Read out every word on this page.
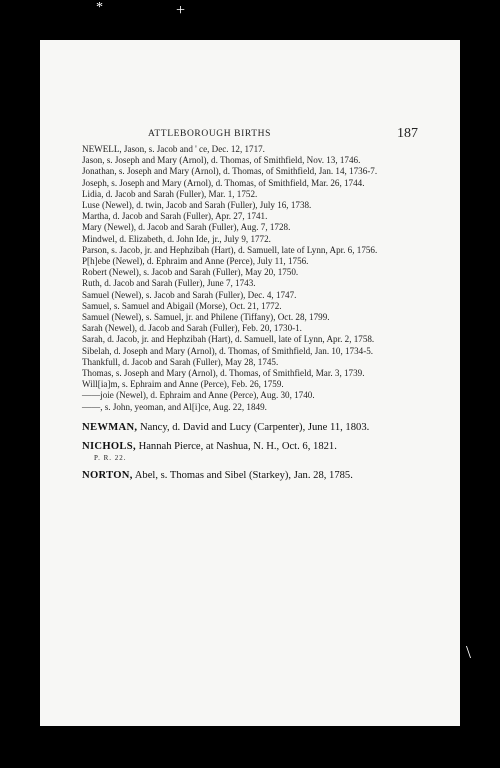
*	+
\
ATTLEBOROUGH BIRTHS	187

NEWELL, Jason, s. Jacob and ' ce, Dec. 12, 1717.

Jason, s. Joseph and Mary (Arnol), d. Thomas, of Smithfield, Nov. 13, 1746.

Jonathan, s. Joseph and Mary (Arnol), d. Thomas, of Smithfield, Jan. 14, 1736-7.

Joseph, s. Joseph and Mary (Arnol), d. Thomas, of Smithfield, Mar. 26, 1744.

Lidia, d. Jacob and Sarah (Fuller), Mar. 1, 1752.

Luse (Newel), d. twin, Jacob and Sarah (Fuller), July 16, 1738.

Martha, d. Jacob and Sarah (Fuller), Apr. 27, 1741.

Mary (Newel), d. Jacob and Sarah (Fuller), Aug. 7, 1728.

Mindwel, d. Elizabeth, d. John Ide, jr., July 9, 1772.

Parson, s. Jacob, jr. and Hephzibah (Hart), d. Samuell, late of Lynn, Apr. 6, 1756.

P[h]ebe (Newel), d. Ephraim and Anne (Perce), July 11, 1756.

Robert (Newel), s. Jacob and Sarah (Fuller), May 20, 1750.

Ruth, d. Jacob and Sarah (Fuller), June 7, 1743.

Samuel (Newel), s. Jacob and Sarah (Fuller), Dec. 4, 1747.

Samuel, s. Samuel and Abigail (Morse), Oct. 21, 1772.

Samuel (Newel), s. Samuel, jr. and Philene (Tiffany), Oct. 28, 1799.

Sarah (Newel), d. Jacob and Sarah (Fuller), Feb. 20, 1730-1.

Sarah, d. Jacob, jr. and Hephzibah (Hart), d. Samuell, late of Lynn, Apr. 2, 1758.

Sibelah, d. Joseph and Mary (Arnol), d. Thomas, of Smithfield, Jan. 10, 1734-5.

Thankfull, d. Jacob and Sarah (Fuller), May 28, 1745.

Thomas, s. Joseph and Mary (Arnol), d. Thomas, of Smithfield, Mar. 3, 1739.

Will[ia]m, s. Ephraim and Anne (Perce), Feb. 26, 1759.

——joie (Newel), d. Ephraim and Anne (Perce), Aug. 30, 1740.

——, s. John, yeoman, and Al[i]ce, Aug. 22, 1849.

NEWMAN, Nancy, d. David and Lucy (Carpenter), June 11, 1803.

NICHOLS, Hannah Pierce, at Nashua, N. H., Oct. 6, 1821.

P. R. 22.

NORTON, Abel, s. Thomas and Sibel (Starkey), Jan. 28, 1785.
